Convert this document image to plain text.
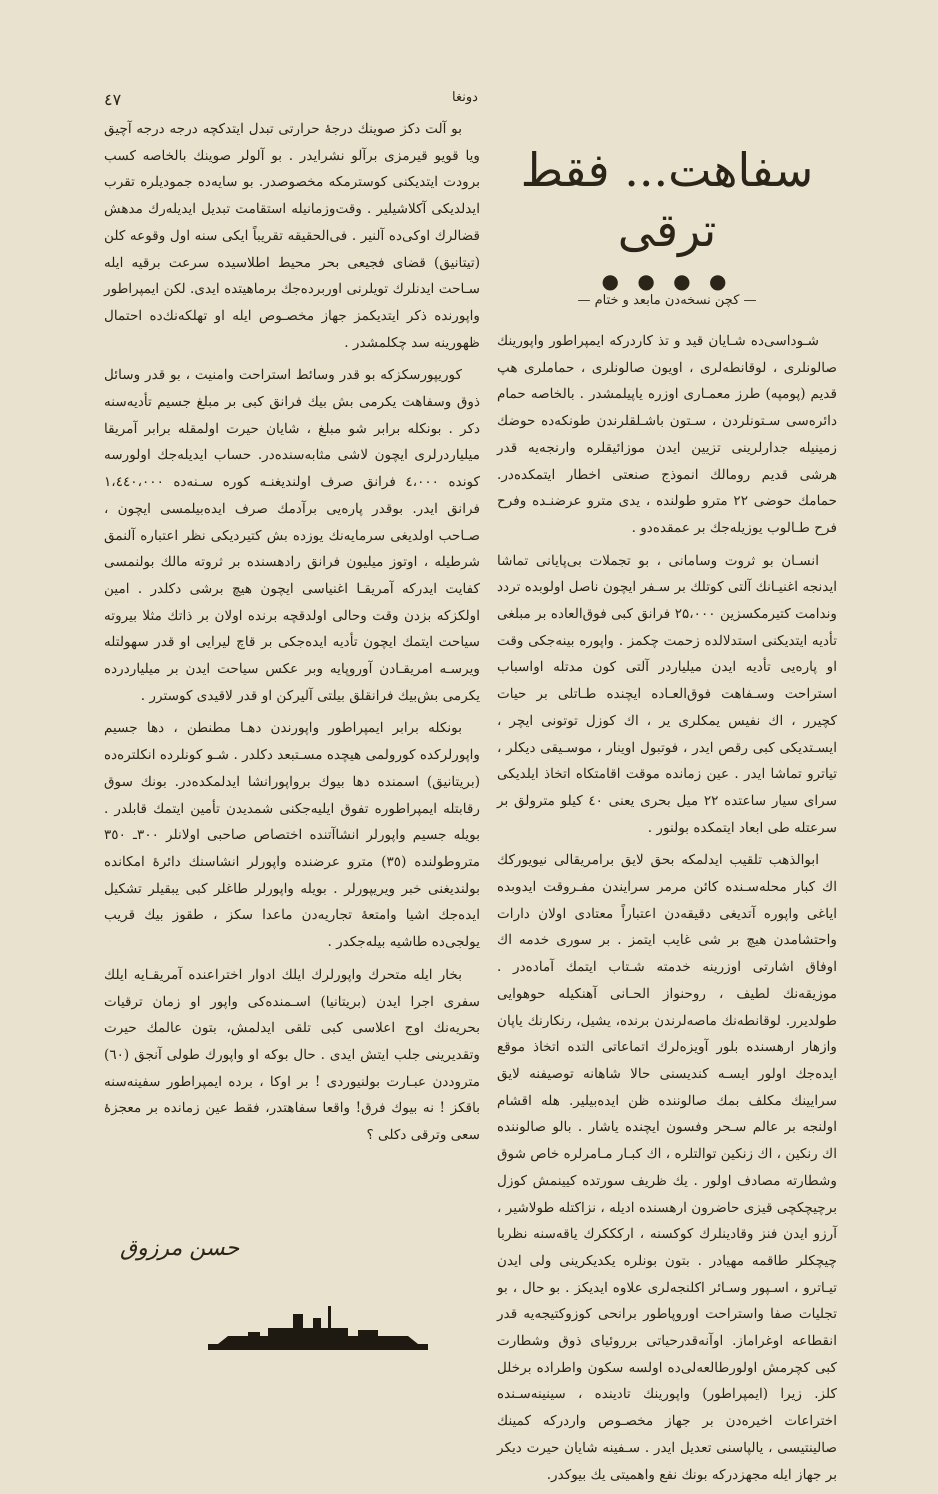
٤٧	دونغا
سفاهت... فقط ترقی
● ● ● ●
— كچن نسخه‌دن مابعد و ختام —

شـوداسی‌ده شـایان قید و تذ كاردركه ایمپراطور واپورینك صالونلری ، لوقانطه‌لری ، اویون صالونلری ، حماملری هپ قدیم (پومپه) طرز معمـاری اوزره یاپیلمشدر . بالخاصه حمام دائره‌سی سـتونلردن ، سـتون باشـلقلرندن طونكه‌ده حوضك زمینیله جدارلرینی تزیین ایدن موزائیقلره وارنجه‌یه قدر هرشی قدیم رومالك انموذج صنعتی اخطار ایتمكده‌در. حمامك حوضی ۲۲ مترو طولنده ، یدی مترو عرضنـده وفرح فرح طـالوب یوزیله‌جك بر عمقده‌دو .

انسـان بو ثروت وسامانی ، بو تجملات بی‌پایانی تماشا ایدنجه اغنیـانك آلتی كوتلك بر سـفر ایچون ناصل اولوبده تردد وندامت كتیرمكسزین ۲۵،۰۰۰ فرانق كبی فوق‌العاده بر مبلغی تأدیه ایتدیكنی استدلالده زحمت چكمز . واپوره بینه‌جكی وقت او پاره‌یی تأدیه ایدن میلیاردر آلتی كون مدتله اواسباب استراحت وسـفاهت فوق‌العـاده ایچنده طـاتلی بر حیات كچیرر ، اك نفیس یمكلری یر ، اك كوزل توتونی ایچر ، ایسـتدیكی كبی رقص ایدر ، فوتبول اوینار ، موسـیقی دیكلر ، تیاترو تماشا ایدر . عین زمانده موقت اقامتكاه اتخاذ ایلدیكی سرای سیار ساعتده ۲۲ میل بحری یعنی ٤٠ كیلو مترولق بر سرعتله طی ابعاد ایتمكده بولنور .

ابوالذهب تلقیب ایدلمكه بحق لایق برامریقالی نیویوركك اك كبار محله‌سـنده كائن مرمر سرایندن مفـروقت ایدوبده ایاغی واپوره آتدیغی دقیقه‌دن اعتباراً معتادی اولان دارات واحتشامدن هیچ بر شی غایب ایتمز . بر سوری خدمه اك اوفاق اشارتی اوزرینه خدمته شـتاب ایتمك آماده‌در . موزیقه‌نك لطیف ، روحنواز الحـانی آهنكیله حوهوایی طولدیرر. لوقانطه‌نك ماصه‌لرندن برنده، یشیل، رنكارنك یاپان وازهار ارهسنده بلور آویزه‌لرك اتماعاتی التده اتخاذ موقع ایده‌جك اولور ایسـه كندیسنی حالا شاهانه توصیفنه لایق سرایینك مكلف بمك صالوننده ظن ایده‌بیلیر. هله اقشام اولنجه بر عالم سـحر وفسون ایچنده یاشار . بالو صالوننده اك رنكین ، اك زنكین توالتلره ، اك كبـار مـامرلره خاص شوق وشطارته مصادف اولور . یك ظریف سورتده كیینمش كوزل برچیچكچی قیزی حاضرون ارهسنده ادیله ، نزاكتله طولاشیر ، آرزو ایدن فنز وقادینلرك كوكسنه ، اركككرك یاقه‌سنه نظربا چیچكلر طاقمه مهیادر . بتون بونلره یكدیكرینی ولی ایدن تیـاترو ، اسـپور وسـائر اكلنجه‌لری علاوه ایدیكز . بو حال ، بو تجلیات صفا واستراحت اوروپاطور برانحی كوزوكتیجه‌یه قدر انقطاعه اوغراماز. اوآنه‌قدرحیاتی برروئیای ذوق وشطارت كبی كچرمش اولورطالعه‌لی‌ده اولسه سكون واطراده برخلل كلز. زیرا (ایمپراطور) واپورینك تادینده ، سینینه‌سـنده اختراعات اخیره‌دن بر جهاز مخصـوص واردركه كمینك صالینتیسی ، یالپاسنی تعدیل ایدر . سـفینه شایان حیرت دیكر بر جهاز ایله مجهزدركه بونك نفع واهمیتی یك بیوكدر.

بو آلت دكز صوینك درجهٔ حرارتی تبدل ایتدكچه درجه درجه آچیق ویا قویو قیرمزی برآلو نشرایدر . بو آلولر صوینك بالخاصه كسب برودت ایتدیكنی كوسترمكه مخصوصدر. بو سایه‌ده جمودیلره تقرب ایدلدیكی آكلاشیلیر . وقت‌وزمانیله استقامت تبدیل ایدیله‌رك مدهش قضالرك اوكی‌ده آلنیر . فی‌الحقیقه تقریباً ایكی سنه اول وقوعه كلن (تیتانیق) قضای فجیعی بحر محیط اطلاسیده سرعت برقیه ایله سـاحت ایدنلرك تویلرنی اوربرده‌جك برماهیتده ایدی. لكن ایمپراطور واپورنده ذكر ایتدیكمز جهاز مخصـوص ایله او تهلكه‌نك‌ده احتمال ظهورینه سد چكلمشدر .

كوریپورسكزكه بو قدر وسائط استراحت وامنیت ، بو قدر وسائل ذوق وسفاهت یكرمی بش بیك فرانق كبی بر مبلغ جسیم تأدیه‌سنه دكر . بونكله برابر شو مبلغ ، شایان حیرت اولمقله برابر آمریقا میلیاردرلری ایچون لاشی مثابه‌سنده‌در. حساب ایدیله‌جك اولورسه كونده ٤،٠٠٠ فرانق صرف اولندیغنـه كوره سـنه‌ده ١،٤٤٠،٠٠٠ فرانق ایدر. بوقدر پاره‌یی برآدمك صرف ایده‌بیلمسی ایچون ، صـاحب اولدیغی سرمایه‌نك یوزده بش كتیردیكی نظر اعتباره آلنمق شرطیله ، اوتوز میلیون فرانق رادهسنده بر ثروته مالك بولنمسی كفایت ایدركه آمریقـا اغنیاسی ایچون هیچ برشی دكلدر . امین اولكزكه بزدن وقت وحالی اولدقچه برنده اولان بر ذاتك مثلا بیروته سیاحت ایتمك ایچون تأدیه ایده‌جكی بر قاچ لیرایی او قدر سهولتله ویرسـه امریقـادن آوروپایه وبر عكس سیاحت ایدن بر میلیاردرده یكرمی بش‌بیك فرانقلق بیلتی آلیركن او قدر لاقیدی كوسترر .

بونكله برابر ایمپراطور واپورندن دهـا مطنطن ، دها جسیم واپورلركده كورولمی هیچده مسـتبعد دكلدر . شـو كونلرده انكلتره‌ده (بریتانیق) اسمنده دها بیوك برواپورانشا ایدلمكده‌در. بونك سوق رقابتله ایمپراطوره تفوق ایلیه‌جكنی شمدیدن تأمین ایتمك قابلدر . بویله جسیم واپورلر انشاآتنده اختصاص صاحبی اولانلر ٣٠٠ـ ٣٥٠ متروطولنده (٣٥) مترو عرضنده واپورلر انشاسنك دائرهٔ امكانده بولندیغنی خبر ویریپورلر . بویله واپورلر طاغلر كبی یبقیلر تشكیل ایده‌جك اشیا وامتعهٔ تجاریه‌دن ماعدا سكز ، طقوز بیك قریب یولجی‌ده طاشیه بیله‌جكدر .

بخار ایله متحرك واپورلرك ایلك ادوار اختراعنده آمریقـایه ایلك سفری اجرا ایدن (بریتانیا) اسـمنده‌كی واپور او زمان ترقیات بحریه‌نك اوج اعلاسی كبی تلقی ایدلمش، بتون عالمك حیرت وتقدیرینی جلب ایتش ایدی . حال بوكه او واپورك طولی آنجق (٦٠) متروددن عبـارت بولنیوردی ! بر اوكا ، برده ایمپراطور سفینه‌سنه باقكز ! نه بیوك فرق! واقعا سفاهتدر، فقط عین زمانده بر معجزهٔ سعی وترقی دكلی ؟

حسن مرزوق
